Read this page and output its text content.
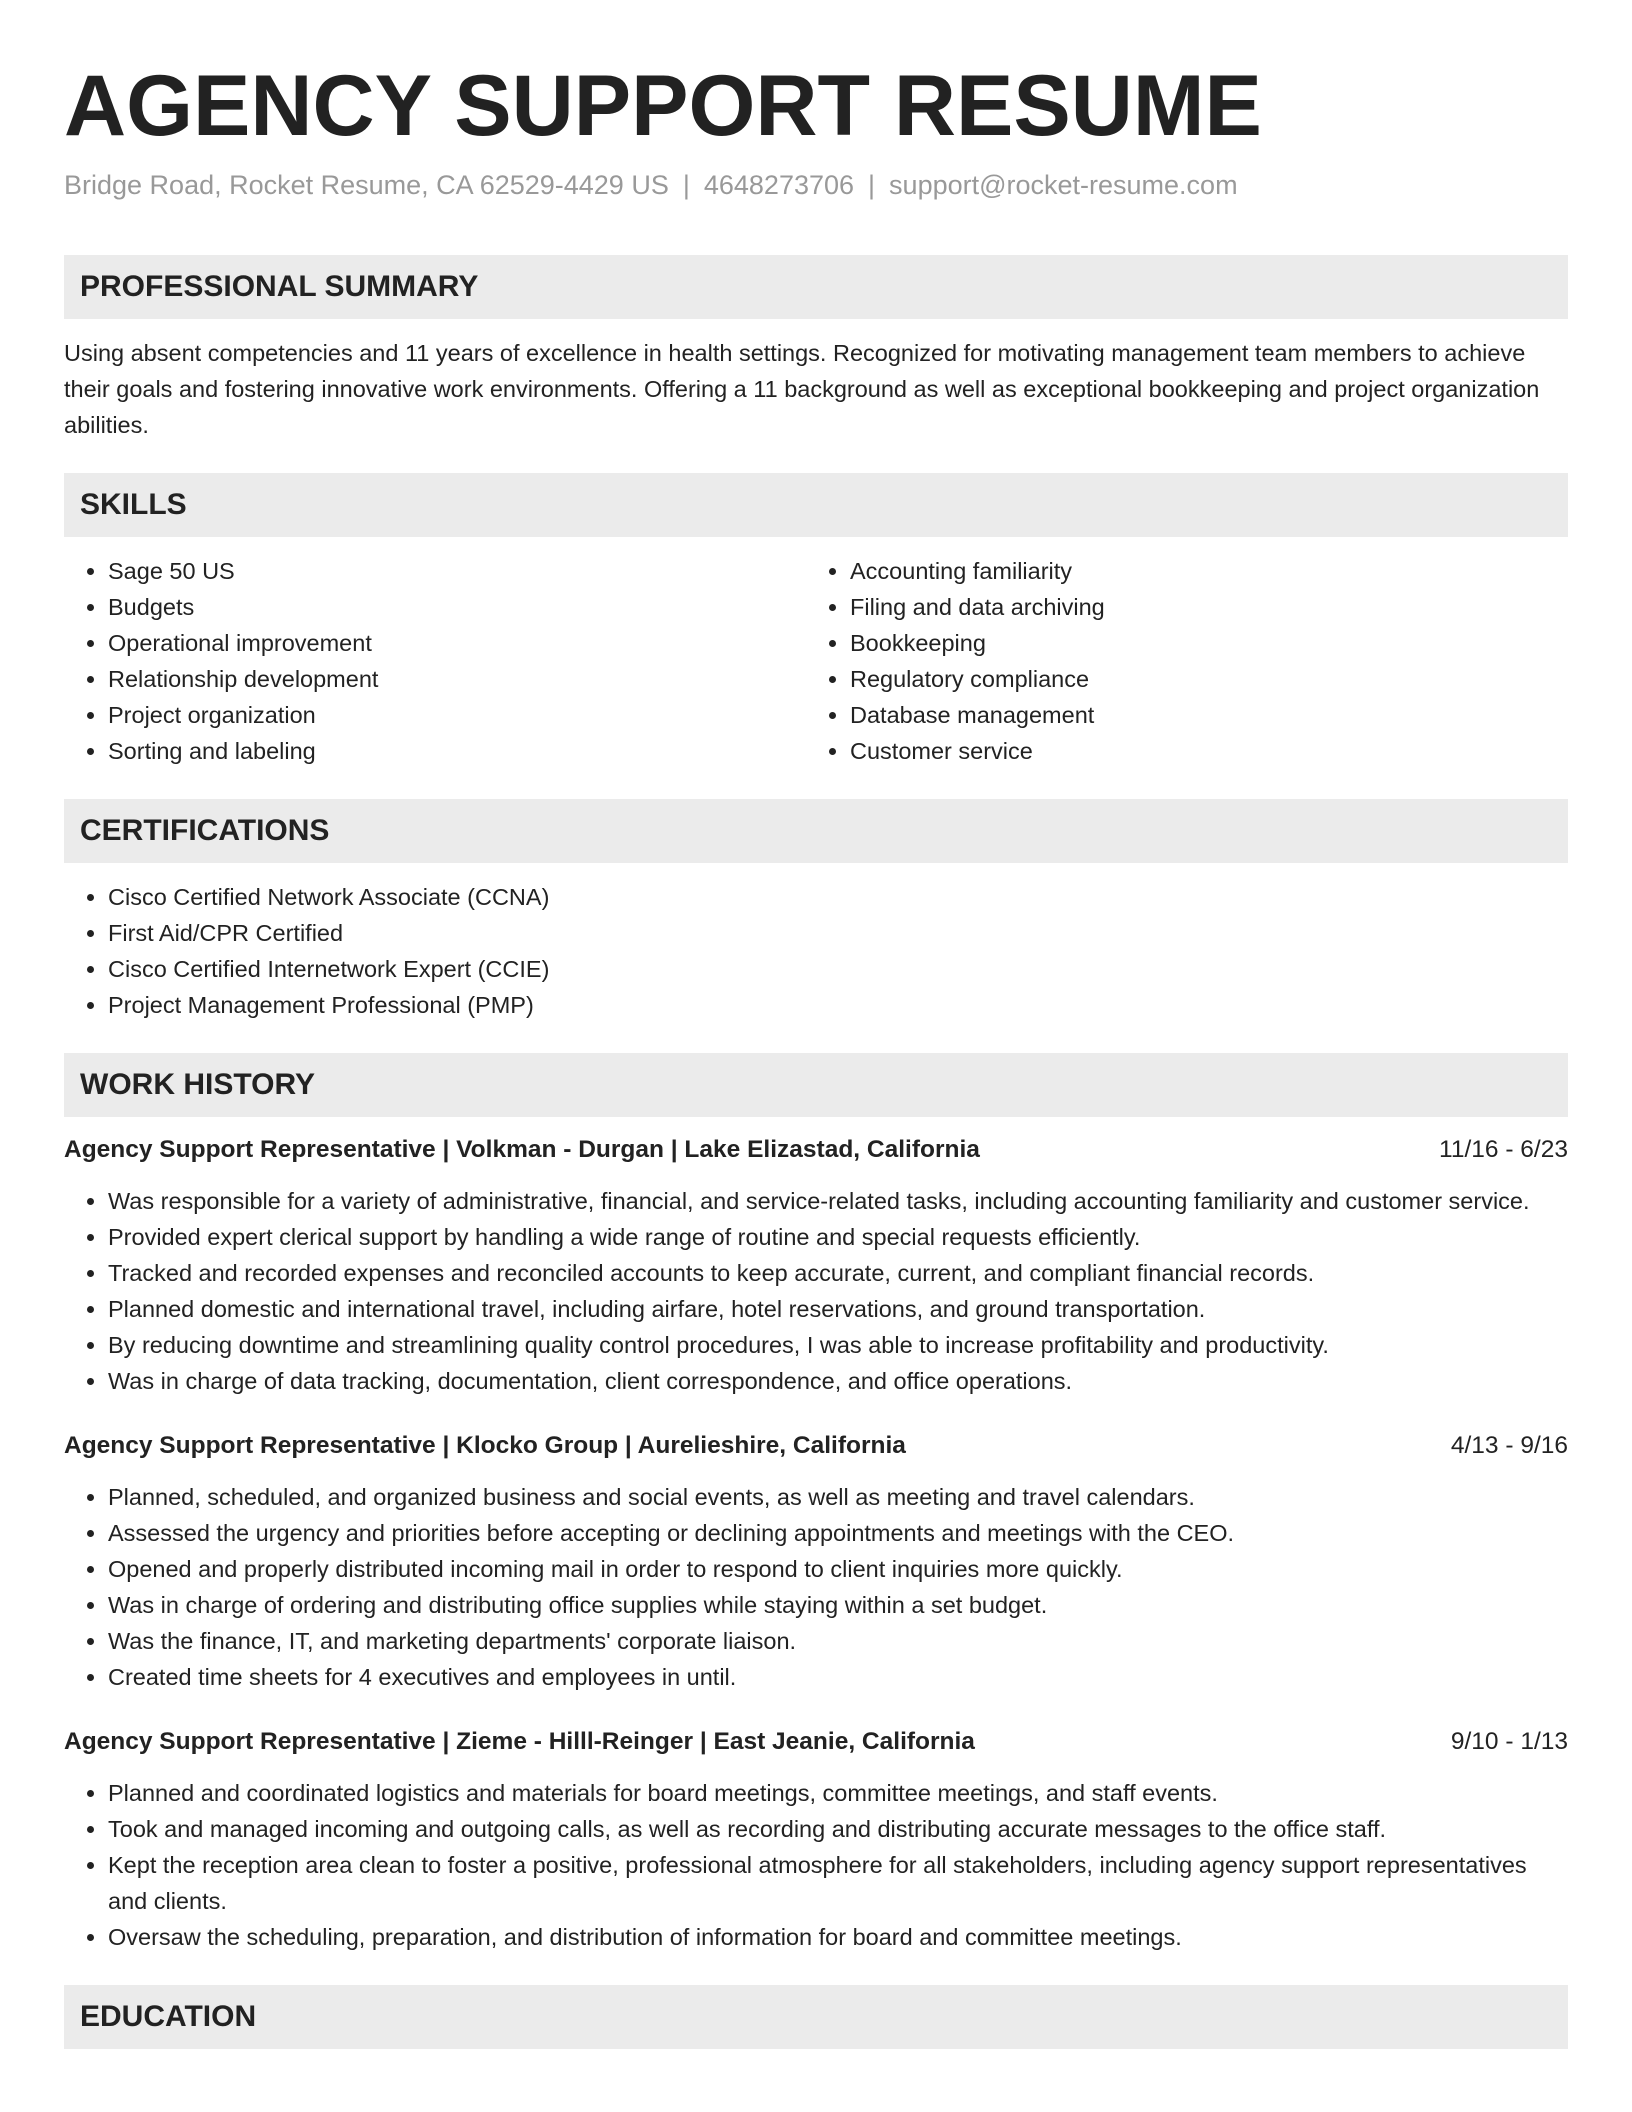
AGENCY SUPPORT RESUME
Bridge Road, Rocket Resume, CA 62529-4429 US | 4648273706 | support@rocket-resume.com
PROFESSIONAL SUMMARY

Using absent competencies and 11 years of excellence in health settings. Recognized for motivating management team members to achieve their goals and fostering innovative work environments. Offering a 11 background as well as exceptional bookkeeping and project organization abilities.

SKILLS
• Sage 50 US
• Budgets
• Operational improvement
• Relationship development
• Project organization
• Sorting and labeling
• Accounting familiarity
• Filing and data archiving
• Bookkeeping
• Regulatory compliance
• Database management
• Customer service
CERTIFICATIONS
• Cisco Certified Network Associate (CCNA)
• First Aid/CPR Certified
• Cisco Certified Internetwork Expert (CCIE)
• Project Management Professional (PMP)
WORK HISTORY
Agency Support Representative | Volkman - Durgan | Lake Elizastad, California	11/16 - 6/23
• Was responsible for a variety of administrative, financial, and service-related tasks, including accounting familiarity and customer service.
• Provided expert clerical support by handling a wide range of routine and special requests efficiently.
• Tracked and recorded expenses and reconciled accounts to keep accurate, current, and compliant financial records.
• Planned domestic and international travel, including airfare, hotel reservations, and ground transportation.
• By reducing downtime and streamlining quality control procedures, I was able to increase profitability and productivity.
• Was in charge of data tracking, documentation, client correspondence, and office operations.
Agency Support Representative | Klocko Group | Aurelieshire, California	4/13 - 9/16
• Planned, scheduled, and organized business and social events, as well as meeting and travel calendars.
• Assessed the urgency and priorities before accepting or declining appointments and meetings with the CEO.
• Opened and properly distributed incoming mail in order to respond to client inquiries more quickly.
• Was in charge of ordering and distributing office supplies while staying within a set budget.
• Was the finance, IT, and marketing departments' corporate liaison.
• Created time sheets for 4 executives and employees in until.
Agency Support Representative | Zieme - Hilll-Reinger | East Jeanie, California	9/10 - 1/13
• Planned and coordinated logistics and materials for board meetings, committee meetings, and staff events.
• Took and managed incoming and outgoing calls, as well as recording and distributing accurate messages to the office staff.
• Kept the reception area clean to foster a positive, professional atmosphere for all stakeholders, including agency support representatives and clients.
• Oversaw the scheduling, preparation, and distribution of information for board and committee meetings.
EDUCATION
